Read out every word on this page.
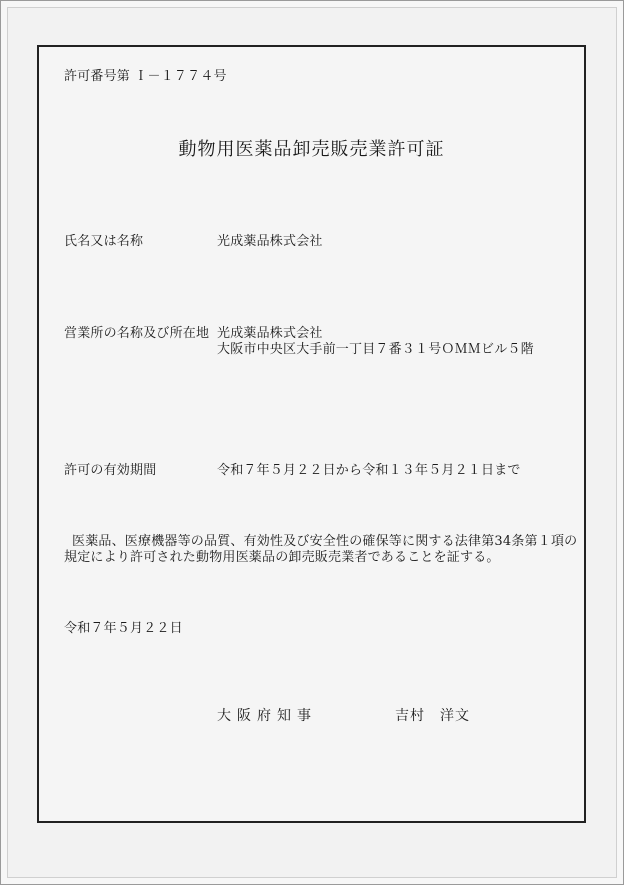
許可番号第 Ｉ－１７７４号
動物用医薬品卸売販売業許可証
氏名又は名称	光成薬品株式会社
営業所の名称及び所在地 光成薬品株式会社
大阪市中央区大手前一丁目７番３１号ＯＭＭビル５階
許可の有効期間	令和７年５月２２日から令和１３年５月２１日まで
医薬品、医療機器等の品質、有効性及び安全性の確保等に関する法律第34条第１項の
規定により許可された動物用医薬品の卸売販売業者であることを証する。
令和７年５月２２日
大阪府知事	吉村　洋文
